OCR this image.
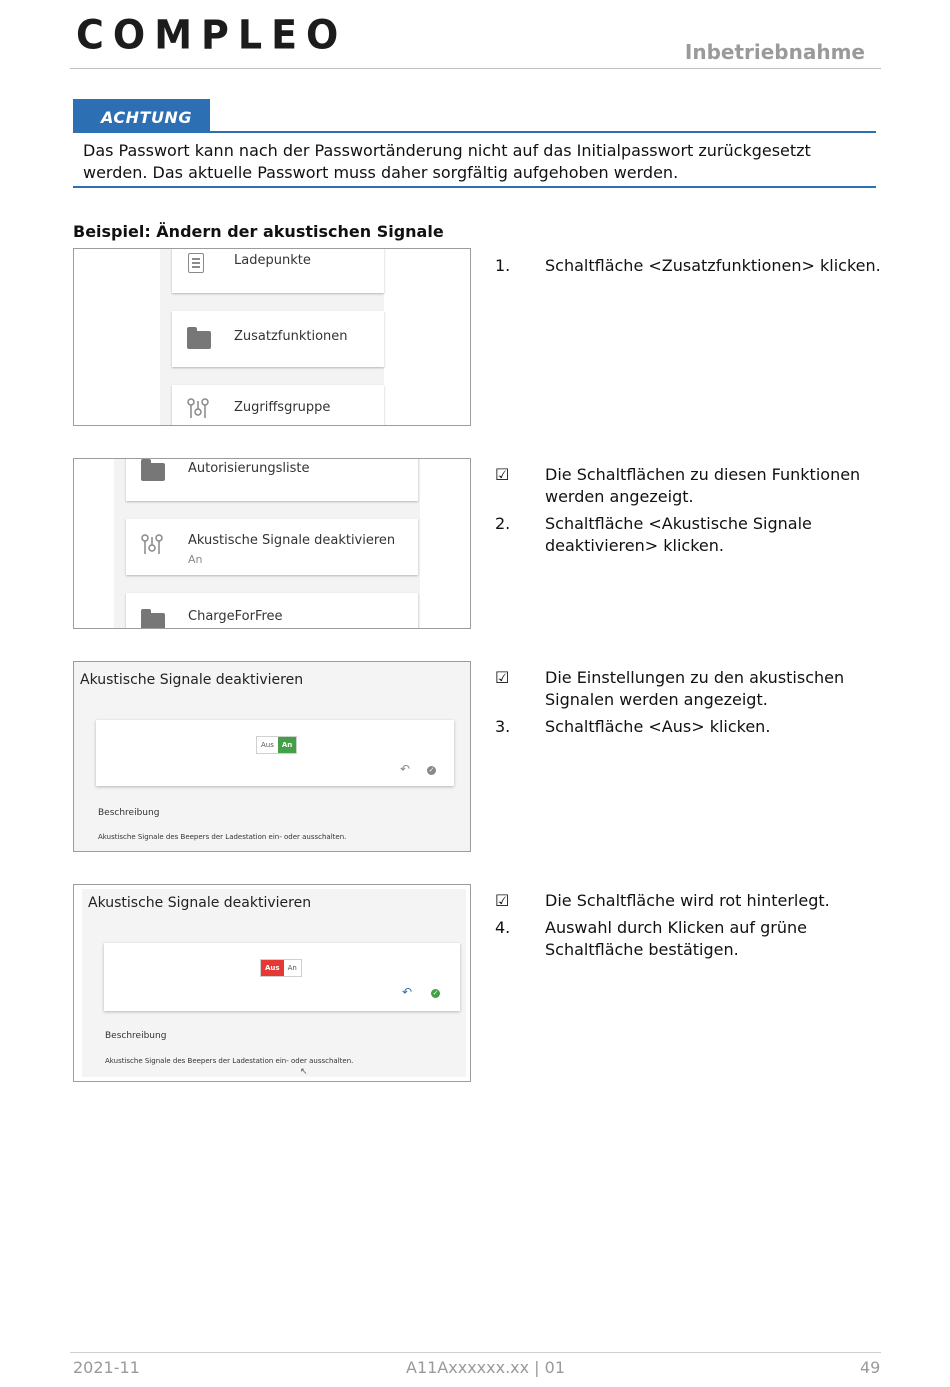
COMPLEO	Inbetriebnahme
ACHTUNG
Das Passwort kann nach der Passwortänderung nicht auf das Initialpasswort zurückgesetzt werden. Das aktuelle Passwort muss daher sorgfältig aufgehoben werden.
Beispiel: Ändern der akustischen Signale
Ladepunkte
Zusatzfunktionen
Zugriffsgruppe
Autorisierungsliste
Akustische Signale deaktivieren
An
ChargeForFree
Akustische Signale deaktivieren
Aus	An
↶	✓
Beschreibung
Akustische Signale des Beepers der Ladestation ein- oder ausschalten.
Akustische Signale deaktivieren
Aus	An
↶	✓
Beschreibung
Akustische Signale des Beepers der Ladestation ein- oder ausschalten.
↖
1.	Schaltfläche <Zusatzfunktionen> klicken.
☑	Die Schaltflächen zu diesen Funktionen werden angezeigt.
2.	Schaltfläche <Akustische Signale deaktivieren> klicken.
☑	Die Einstellungen zu den akustischen Signalen werden angezeigt.
3.	Schaltfläche <Aus> klicken.
☑	Die Schaltfläche wird rot hinterlegt.
4.	Auswahl durch Klicken auf grüne Schaltfläche bestätigen.
2021-11	A11Axxxxxx.xx | 01	49
